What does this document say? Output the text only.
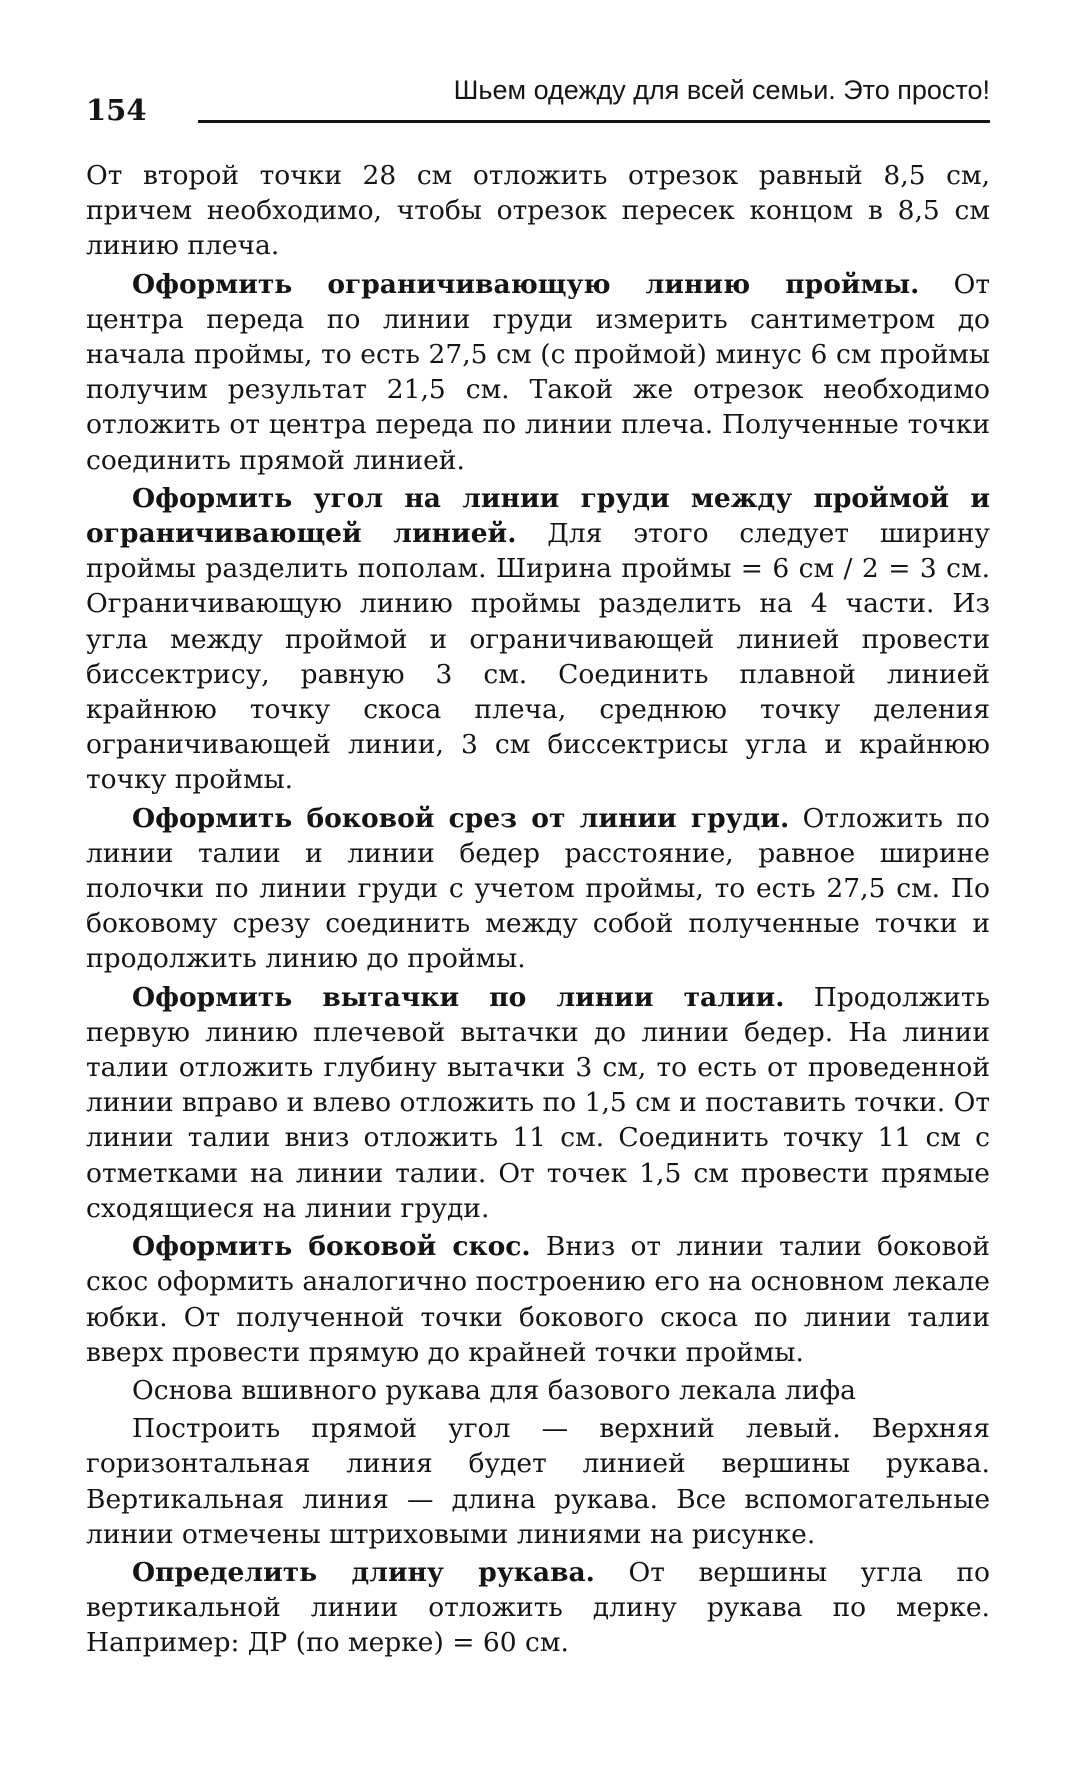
154
Шьем одежду для всей семьи. Это просто!

От второй точки 28 см отложить отрезок равный 8,5 см, причем необходимо, чтобы отрезок пересек концом в 8,5 см линию плеча.

Оформить ограничивающую линию проймы. От центра переда по линии груди измерить сантиметром до начала проймы, то есть 27,5 см (с проймой) минус 6 см проймы получим результат 21,5 см. Такой же отрезок необходимо отложить от центра переда по линии плеча. Полученные точки соединить прямой линией.

Оформить угол на линии груди между проймой и ограничивающей линией. Для этого следует ширину проймы разделить пополам. Ширина проймы = 6 см / 2 = 3 см. Ограничивающую линию проймы разделить на 4 части. Из угла между проймой и ограничивающей линией провести биссектрису, равную 3 см. Соединить плавной линией крайнюю точку скоса плеча, среднюю точку деления ограничивающей линии, 3 см биссектрисы угла и крайнюю точку проймы.

Оформить боковой срез от линии груди. Отложить по линии талии и линии бедер расстояние, равное ширине полочки по линии груди с учетом проймы, то есть 27,5 см. По боковому срезу соединить между собой полученные точки и продолжить линию до проймы.

Оформить вытачки по линии талии. Продолжить первую линию плечевой вытачки до линии бедер. На линии талии отложить глубину вытачки 3 см, то есть от проведенной линии вправо и влево отложить по 1,5 см и поставить точки. От линии талии вниз отложить 11 см. Соединить точку 11 см с отметками на линии талии. От точек 1,5 см провести прямые сходящиеся на линии груди.

Оформить боковой скос. Вниз от линии талии боковой скос оформить аналогично построению его на основном лекале юбки. От полученной точки бокового скоса по линии талии вверх провести прямую до крайней точки проймы.

Основа вшивного рукава для базового лекала лифа

Построить прямой угол — верхний левый. Верхняя горизонтальная линия будет линией вершины рукава. Вертикальная линия — длина рукава. Все вспомогательные линии отмечены штриховыми линиями на рисунке.

Определить длину рукава. От вершины угла по вертикальной линии отложить длину рукава по мерке. Например: ДР (по мерке) = 60 см.
